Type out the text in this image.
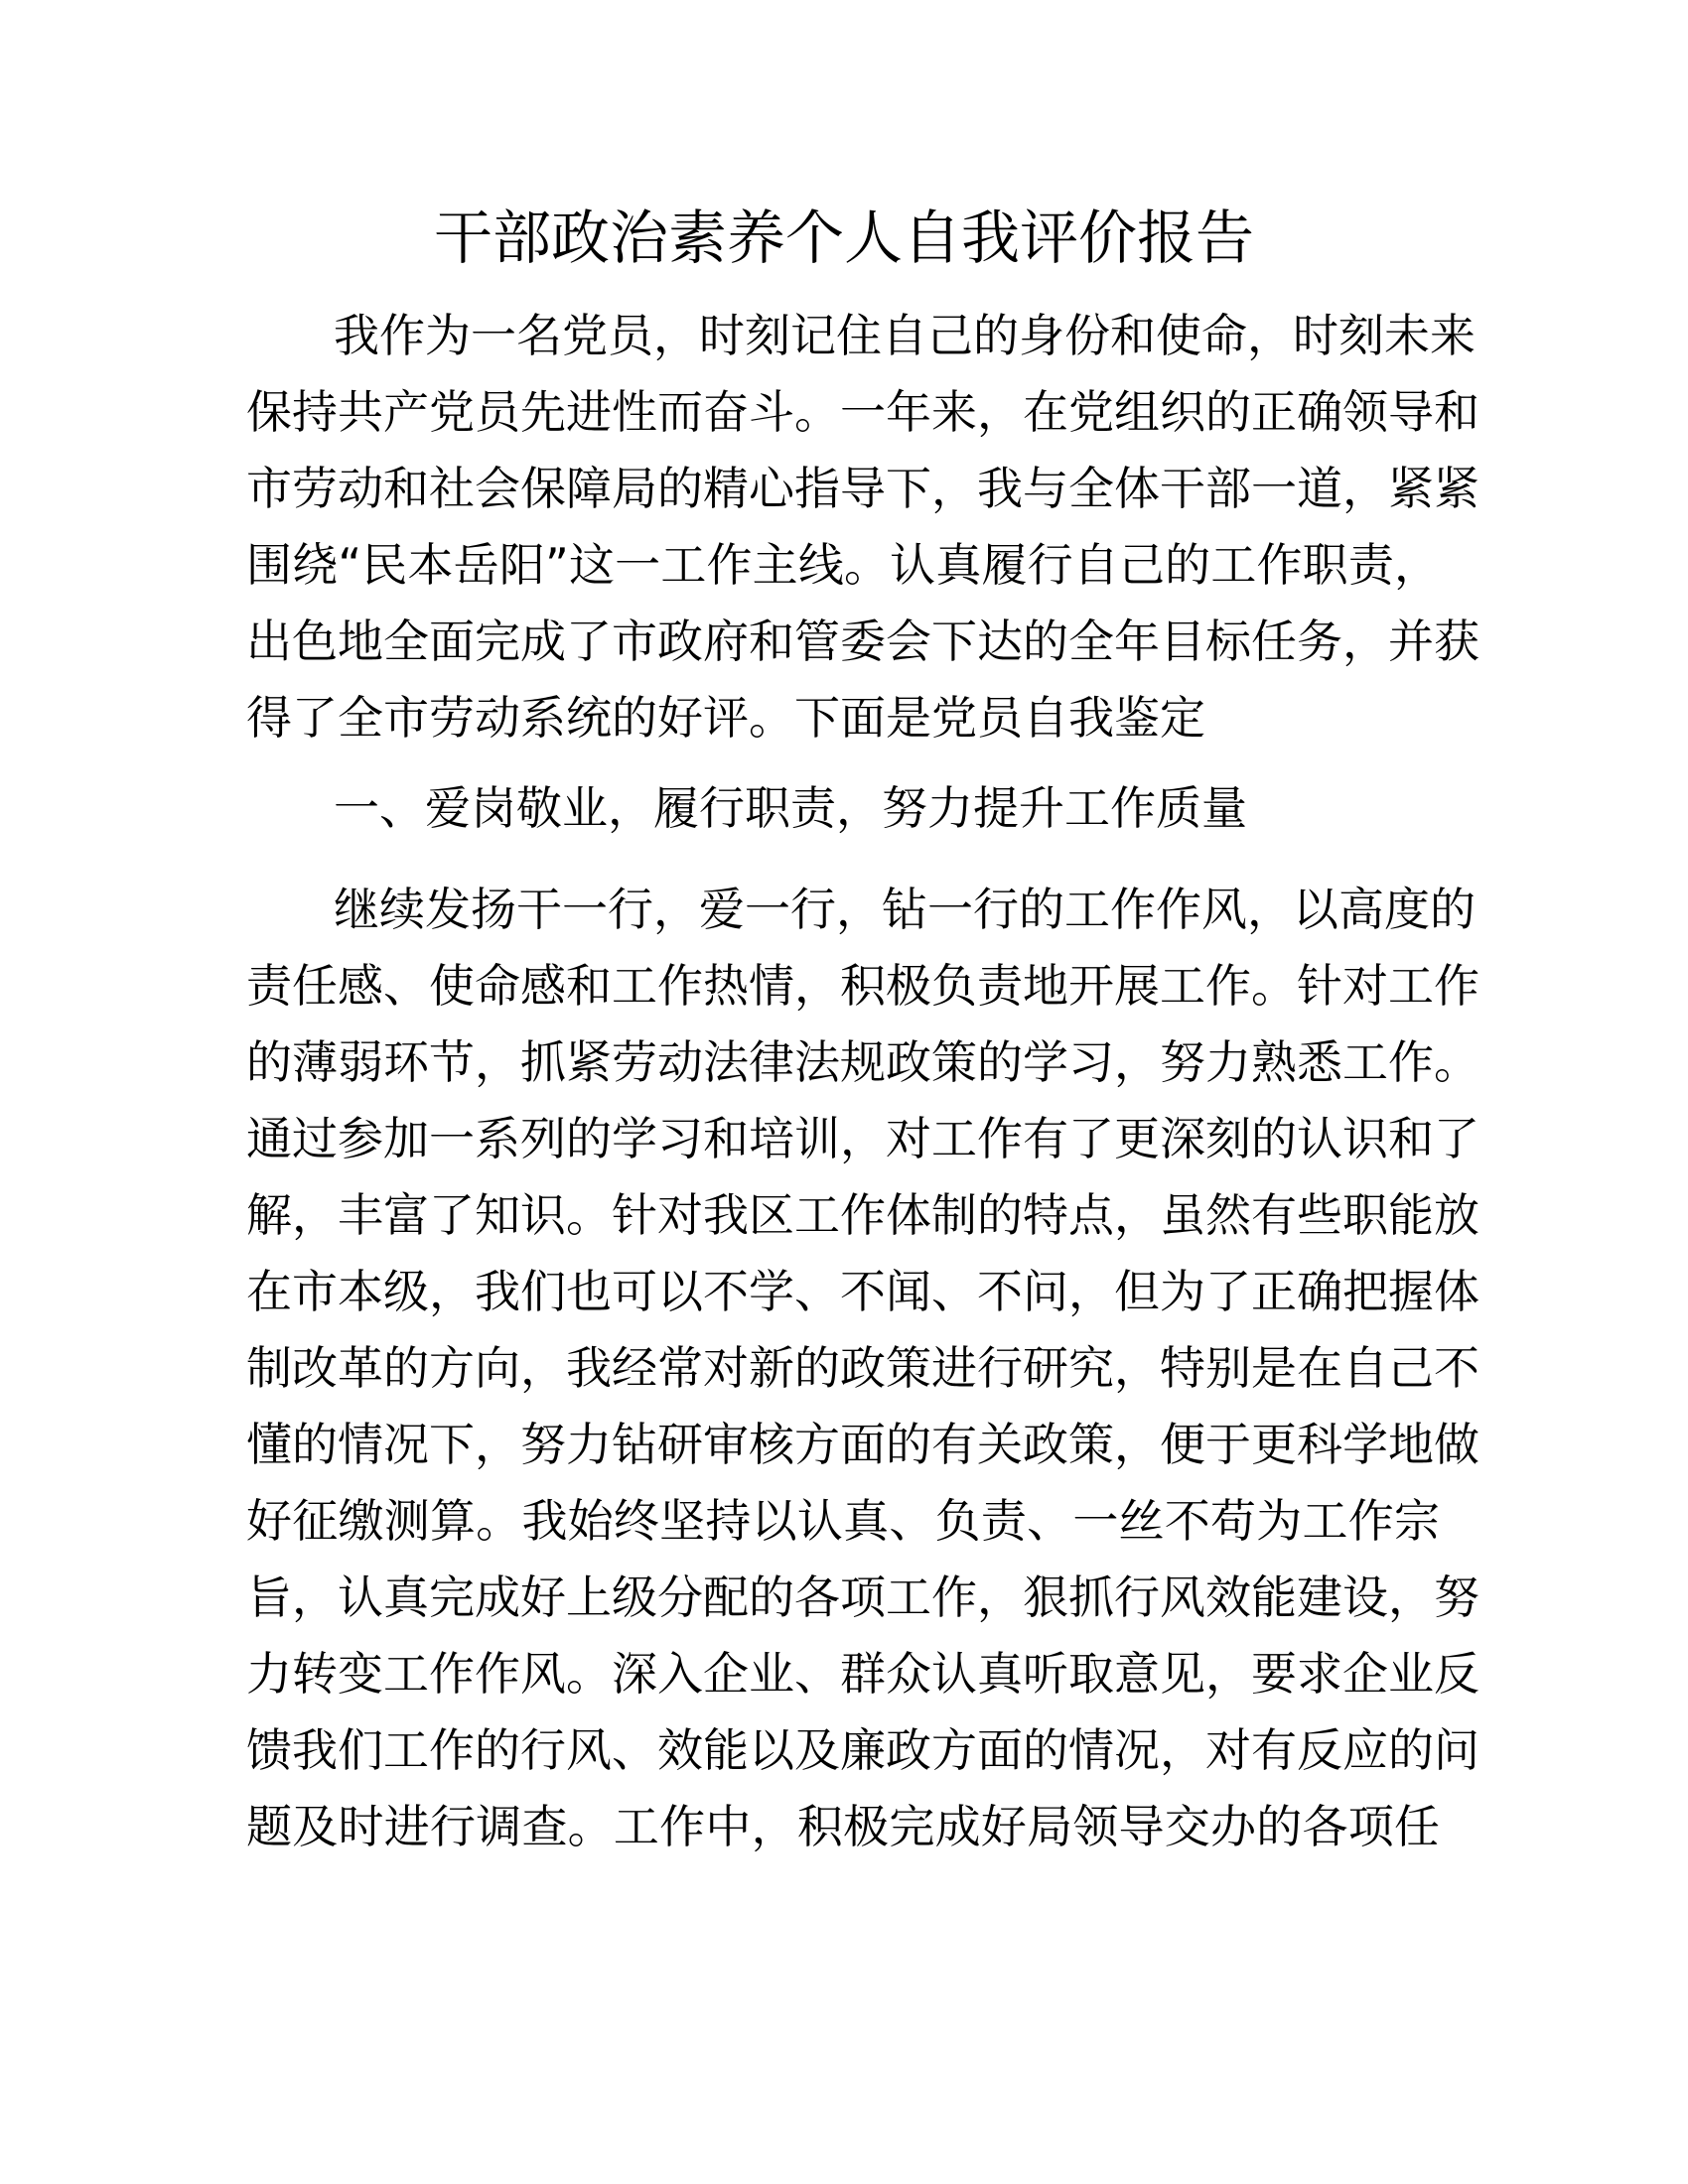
干部政治素养个人自我评价报告
我作为一名党员，时刻记住自己的身份和使命，时刻未来
保持共产党员先进性而奋斗。一年来，在党组织的正确领导和
市劳动和社会保障局的精心指导下，我与全体干部一道，紧紧
围绕“民本岳阳”这一工作主线。认真履行自己的工作职责，
出色地全面完成了市政府和管委会下达的全年目标任务，并获
得了全市劳动系统的好评。下面是党员自我鉴定
一、爱岗敬业，履行职责，努力提升工作质量
继续发扬干一行，爱一行，钻一行的工作作风，以高度的
责任感、使命感和工作热情，积极负责地开展工作。针对工作
的薄弱环节，抓紧劳动法律法规政策的学习，努力熟悉工作。
通过参加一系列的学习和培训，对工作有了更深刻的认识和了
解，丰富了知识。针对我区工作体制的特点，虽然有些职能放
在市本级，我们也可以不学、不闻、不问，但为了正确把握体
制改革的方向，我经常对新的政策进行研究，特别是在自己不
懂的情况下，努力钻研审核方面的有关政策，便于更科学地做
好征缴测算。我始终坚持以认真、负责、一丝不苟为工作宗
旨，认真完成好上级分配的各项工作，狠抓行风效能建设，努
力转变工作作风。深入企业、群众认真听取意见，要求企业反
馈我们工作的行风、效能以及廉政方面的情况，对有反应的问
题及时进行调查。工作中，积极完成好局领导交办的各项任
